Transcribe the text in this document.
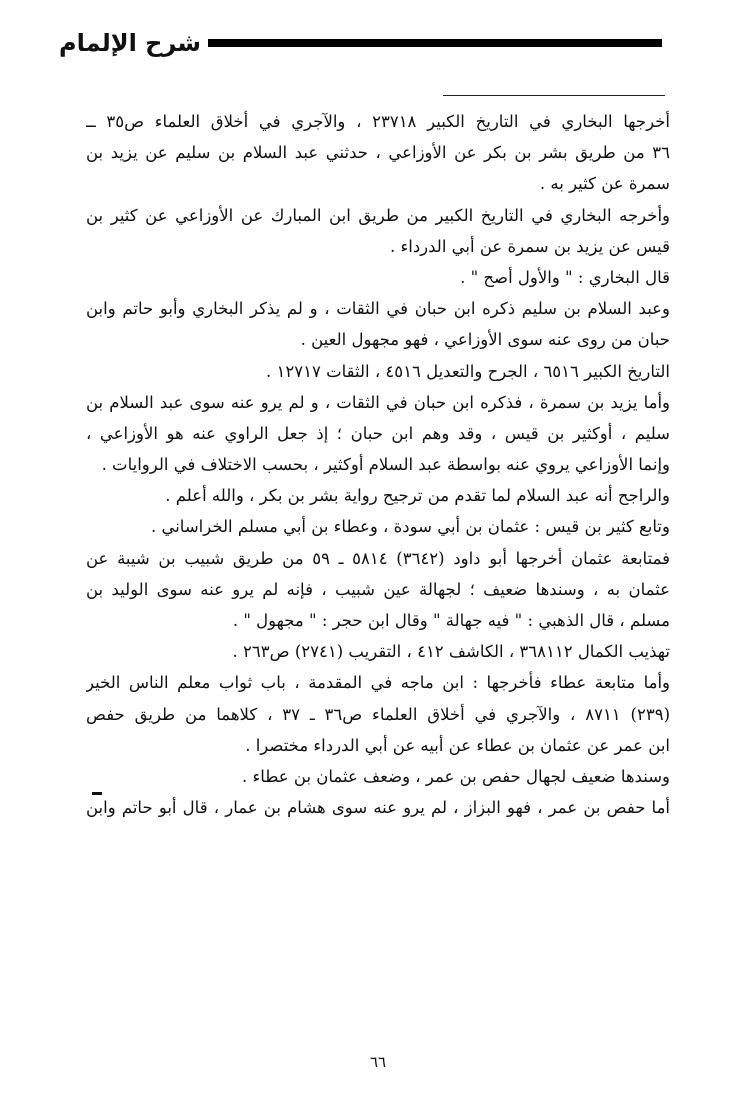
شرح الإلمام
أخرجها البخاري في التاريخ الكبير ٢٣٧١٨ ، والآجري في أخلاق العلماء ص٣٥ ــ
٣٦ من طريق بشر بن بكر عن الأوزاعي ، حدثني عبد السلام بن سليم عن يزيد بن
سمرة عن كثير به .
وأخرجه البخاري في التاريخ الكبير من طريق ابن المبارك عن الأوزاعي عن كثير بن
قيس عن يزيد بن سمرة عن أبي الدرداء .
قال البخاري : " والأول أصح " .
وعبد السلام بن سليم ذكره ابن حبان في الثقات ، و لم يذكر البخاري وأبو حاتم وابن
حبان من روى عنه سوى الأوزاعي ، فهو مجهول العين .
التاريخ الكبير ٦٥١٦ ، الجرح والتعديل ٤٥١٦ ، الثقات ١٢٧١٧ .
وأما يزيد بن سمرة ، فذكره ابن حبان في الثقات ، و لم يرو عنه سوى عبد السلام بن
سليم ، أوكثير بن قيس ، وقد وهم ابن حبان ؛ إذ جعل الراوي عنه هو الأوزاعي ،
وإنما الأوزاعي يروي عنه بواسطة عبد السلام أوكثير ، بحسب الاختلاف في الروايات .
والراجح أنه عبد السلام لما تقدم من ترجيح رواية بشر بن بكر ، والله أعلم .
وتابع كثير بن قيس : عثمان بن أبي سودة ، وعطاء بن أبي مسلم الخراساني .
فمتابعة عثمان أخرجها أبو داود (٣٦٤٢) ٥٨١٤ ـ ٥٩ من طريق شبيب بن شيبة عن
عثمان به ، وسندها ضعيف ؛ لجهالة عين شبيب ، فإنه لم يرو عنه سوى الوليد بن
مسلم ، قال الذهبي : " فيه جهالة " وقال ابن حجر : " مجهول " .
تهذيب الكمال ٣٦٨١١٢ ، الكاشف ٤١٢ ، التقريب (٢٧٤١) ص٢٦٣ .
وأما متابعة عطاء فأخرجها : ابن ماجه في المقدمة ، باب ثواب معلم الناس الخير
(٢٣٩) ٨٧١١ ، والآجري في أخلاق العلماء ص٣٦ ـ ٣٧ ، كلاهما من طريق حفص
ابن عمر عن عثمان بن عطاء عن أبيه عن أبي الدرداء مختصرا .
وسندها ضعيف لجهال حفص بن عمر ، وضعف عثمان بن عطاء .
أما حفص بن عمر ، فهو البزاز ، لم يرو عنه سوى هشام بن عمار ، قال أبو حاتم وابن
٦٦
